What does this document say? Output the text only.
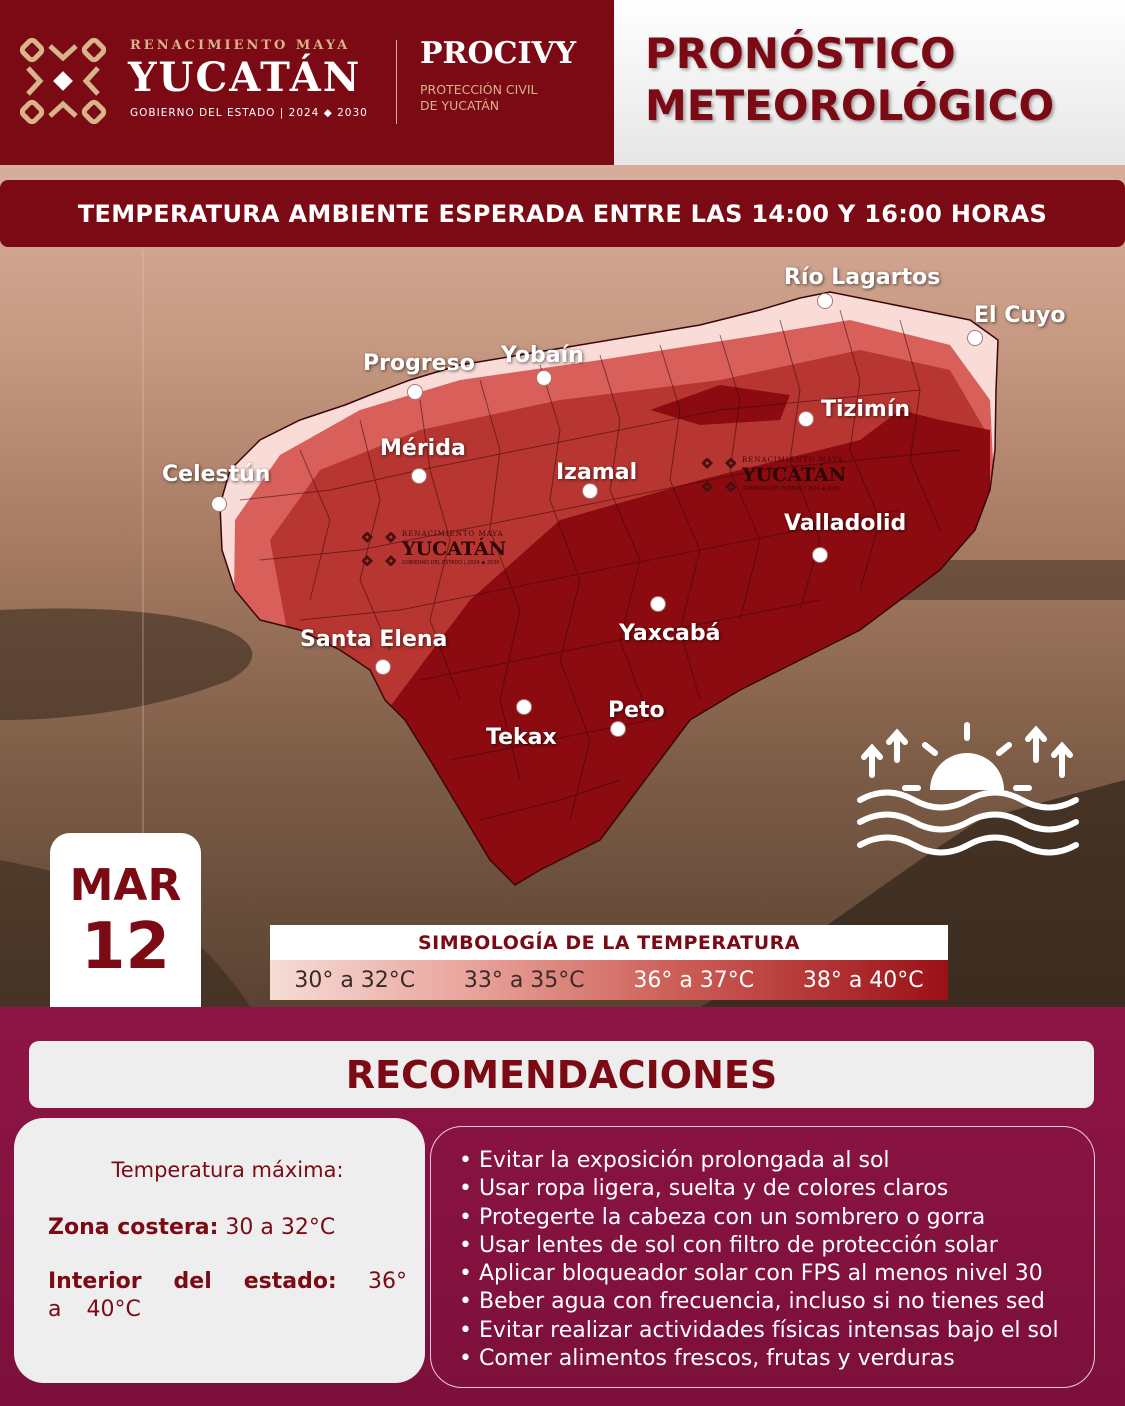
RENACIMIENTO MAYA
YUCATÁN
GOBIERNO DEL ESTADO | 2024 ◆ 2030
PROCIVY
PROTECCIÓN CIVIL
DE YUCATÁN
PRONÓSTICO
METEOROLÓGICO
RENACIMIENTO MAYA
YUCATÁN
GOBIERNO DEL ESTADO | 2024 ◆ 2030
RENACIMIENTO MAYA
YUCATÁN
GOBIERNO DEL ESTADO | 2024 ◆ 2030
Río Lagartos
El Cuyo
Progreso Yobaín
Tizimín
Mérida
Izamal
Celestún
Valladolid
Santa Elena	Yaxcabá
Peto
Tekax
TEMPERATURA AMBIENTE ESPERADA ENTRE LAS 14:00 Y 16:00 HORAS
MAR
12	SIMBOLOGÍA DE LA TEMPERATURA
30° a 32°C	33° a 35°C	36° a 37°C	38° a 40°C
RECOMENDACIONES
Temperatura máxima:
Zona costera: 30 a 32°C
Interior del estado: 36° a 40°C
• Evitar la exposición prolongada al sol
• Usar ropa ligera, suelta y de colores claros
• Protegerte la cabeza con un sombrero o gorra
• Usar lentes de sol con filtro de protección solar
• Aplicar bloqueador solar con FPS al menos nivel 30
• Beber agua con frecuencia, incluso si no tienes sed
• Evitar realizar actividades físicas intensas bajo el sol
• Comer alimentos frescos, frutas y verduras
